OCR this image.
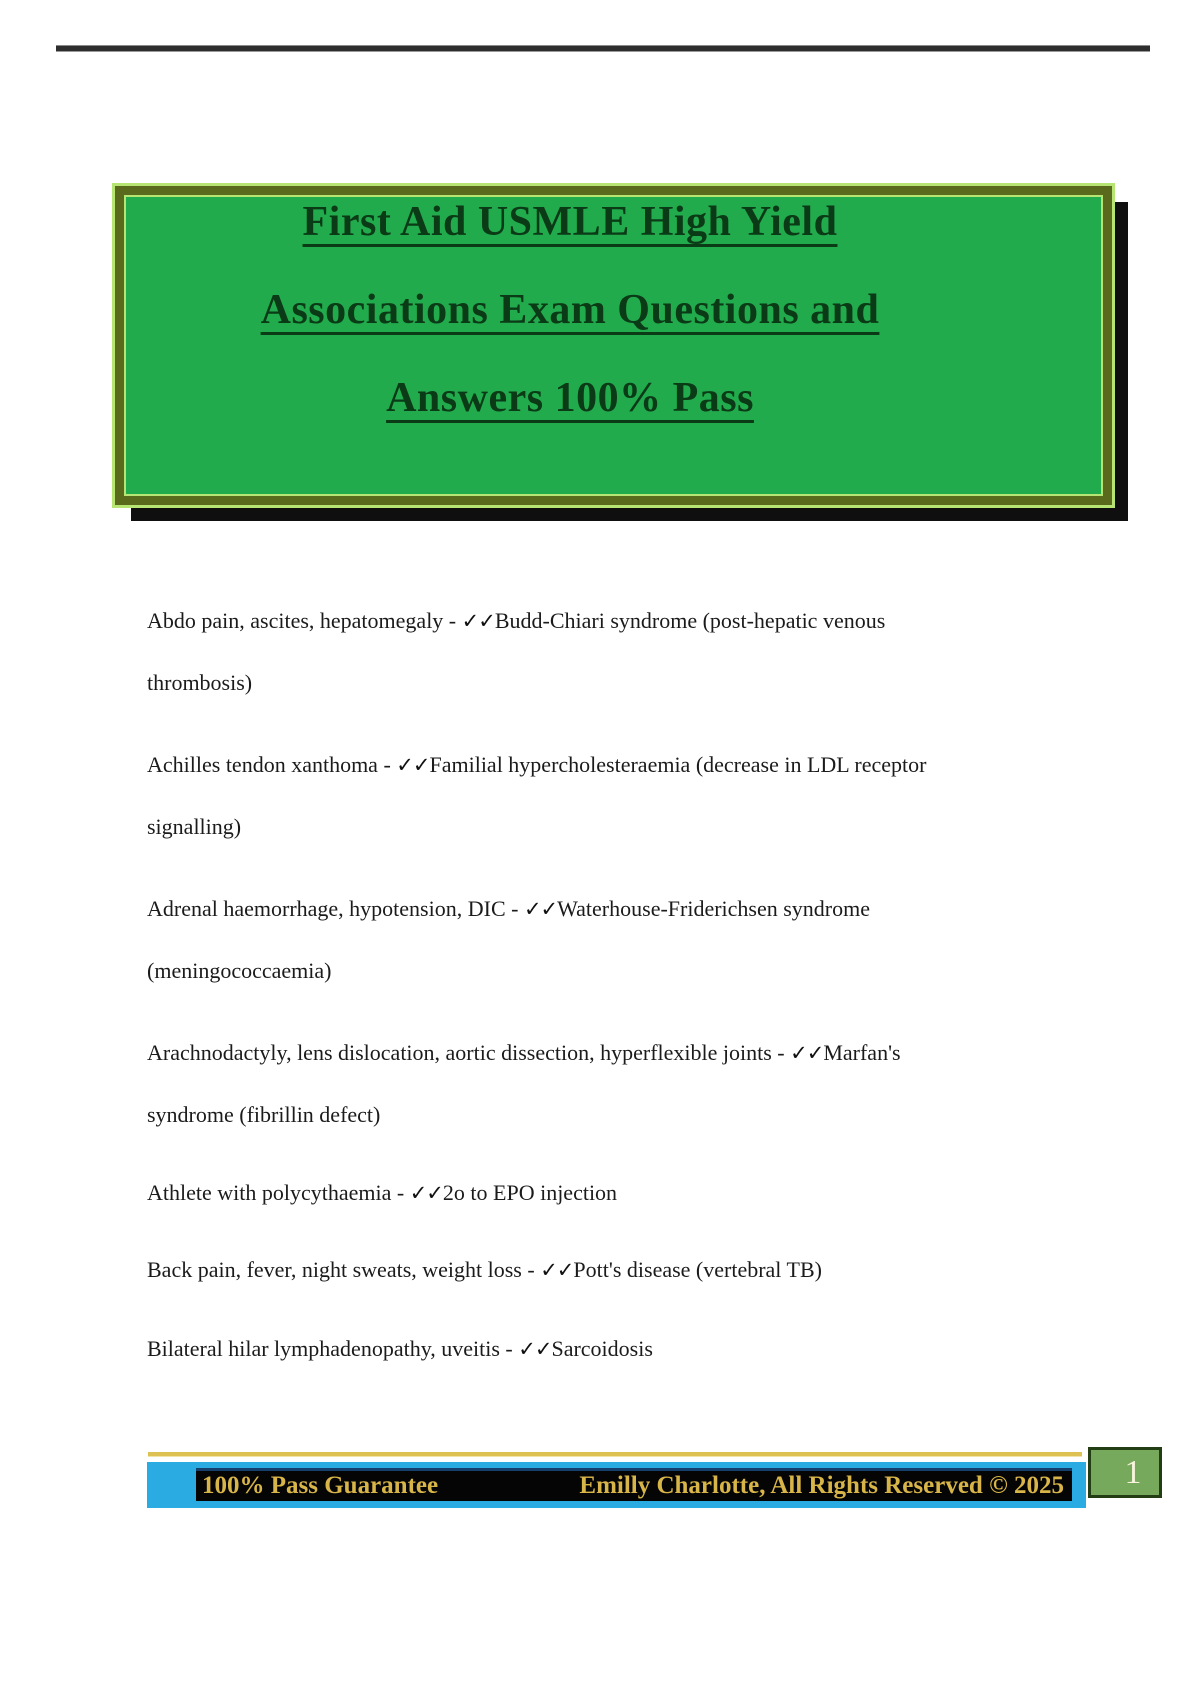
First Aid USMLE High Yield
Associations Exam Questions and
Answers 100% Pass
Abdo pain, ascites, hepatomegaly - ✓✓Budd-Chiari syndrome (post-hepatic venous
thrombosis)
Achilles tendon xanthoma - ✓✓Familial hypercholesteraemia (decrease in LDL receptor
signalling)
Adrenal haemorrhage, hypotension, DIC - ✓✓Waterhouse-Friderichsen syndrome
(meningococcaemia)
Arachnodactyly, lens dislocation, aortic dissection, hyperflexible joints - ✓✓Marfan's
syndrome (fibrillin defect)
Athlete with polycythaemia - ✓✓2o to EPO injection
Back pain, fever, night sweats, weight loss - ✓✓Pott's disease (vertebral TB)
Bilateral hilar lymphadenopathy, uveitis - ✓✓Sarcoidosis
100% Pass Guarantee	Emilly Charlotte, All Rights Reserved © 2025 1
